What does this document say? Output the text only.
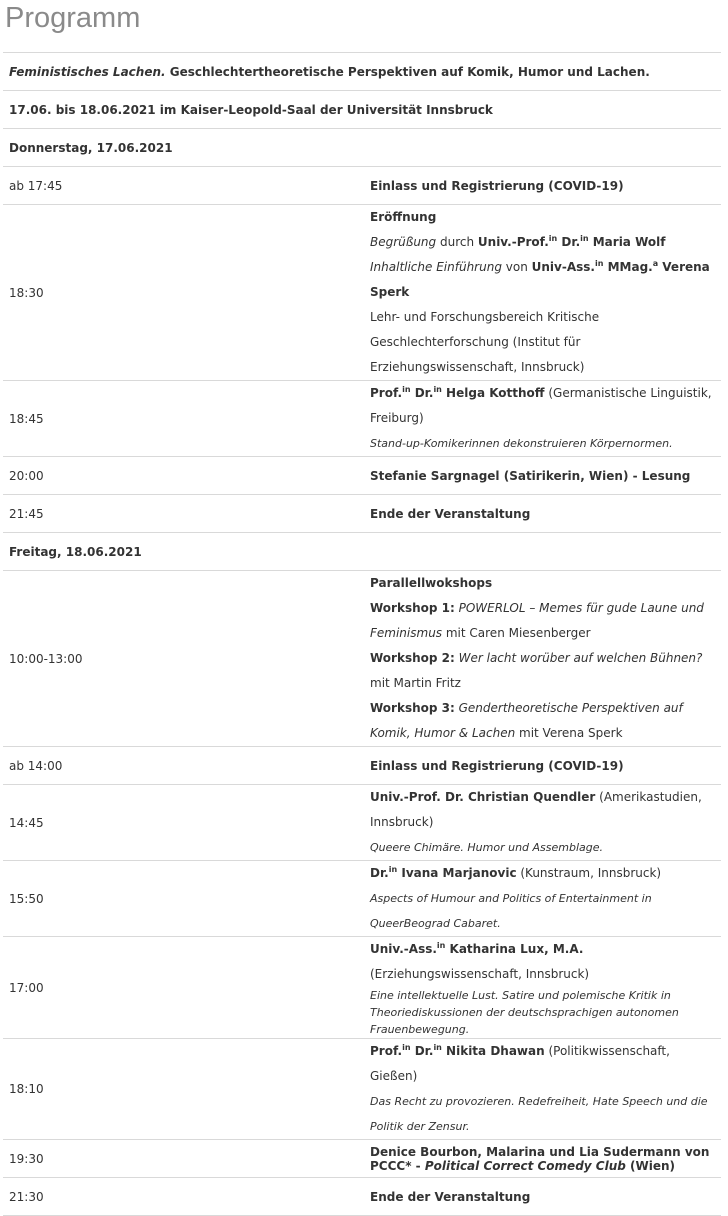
Programm
Feministisches Lachen. Geschlechtertheoretische Perspektiven auf Komik, Humor und Lachen.	
17.06. bis 18.06.2021 im Kaiser-Leopold-Saal der Universität Innsbruck	
Donnerstag, 17.06.2021	
ab 17:45	Einlass und Registrierung (COVID-19)
18:30	Eröffnung
Begrüßung durch Univ.-Prof.$^{in}$ Dr.$^{in}$ Maria Wolf
Inhaltliche Einführung von Univ-Ass.$^{in}$ MMag.$^a$ Verena Sperk
Lehr- und Forschungsbereich Kritische Geschlechterforschung (Institut für Erziehungswissenschaft, Innsbruck)

18:45	Prof.$^{in}$ Dr.$^{in}$ Helga Kotthoff (Germanistische Linguistik, Freiburg)
Stand-up-Komikerinnen dekonstruieren Körpernormen.

20:00	Stefanie Sargnagel (Satirikerin, Wien) - Lesung
21:45	Ende der Veranstaltung
Freitag, 18.06.2021	
10:00-13:00	Parallellwokshops
Workshop 1: POWERLOL – Memes für gude Laune und Feminismus mit Caren Miesenberger
Workshop 2: Wer lacht worüber auf welchen Bühnen? mit Martin Fritz
Workshop 3: Gendertheoretische Perspektiven auf Komik, Humor & Lachen mit Verena Sperk

ab 14:00	Einlass und Registrierung (COVID-19)
14:45	Univ.-Prof. Dr. Christian Quendler (Amerikastudien, Innsbruck)
Queere Chimäre. Humor und Assemblage.

15:50	Dr.$^{in}$ Ivana Marjanovic (Kunstraum, Innsbruck)
Aspects of Humour and Politics of Entertainment in QueerBeograd Cabaret.

17:00	Univ.-Ass.$^{in}$ Katharina Lux, M.A. (Erziehungswissenschaft, Innsbruck)
Eine intellektuelle Lust. Satire und polemische Kritik in Theoriediskussionen der deutschsprachigen autonomen Frauenbewegung.

18:10	Prof.$^{in}$ Dr.$^{in}$ Nikita Dhawan (Politikwissenschaft, Gießen)
Das Recht zu provozieren. Redefreiheit, Hate Speech und die Politik der Zensur.

19:30	Denice Bourbon, Malarina und Lia Sudermann von PCCC* - Political Correct Comedy Club (Wien)
21:30	Ende der Veranstaltung
